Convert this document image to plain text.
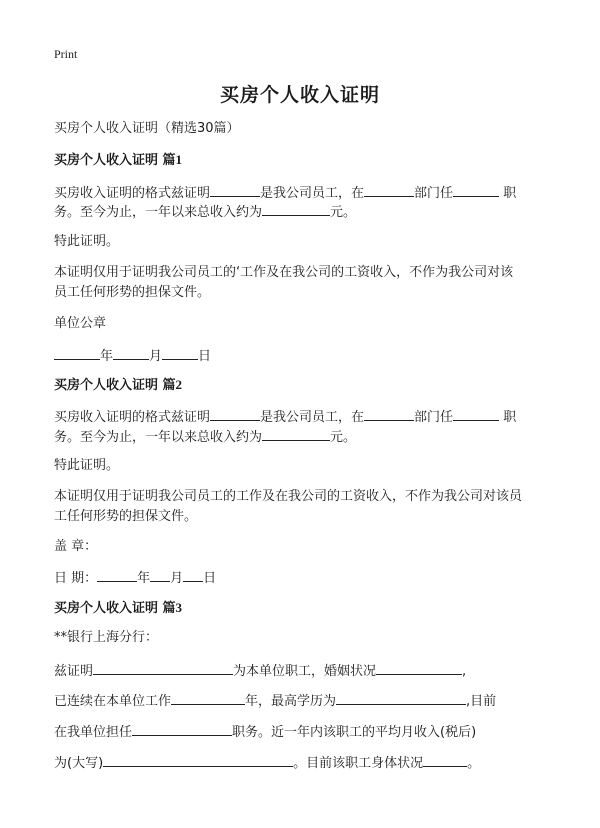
Print
买房个人收入证明
买房个人收入证明（精选30篇）
买房个人收入证明 篇1
买房收入证明的格式兹证明	是我公司员工，在	部门任	职
务。至今为止，一年以来总收入约为	元。
特此证明。
本证明仅用于证明我公司员工的‘工作及在我公司的工资收入，不作为我公司对该
员工任何形势的担保文件。
单位公章
年	月	日
买房个人收入证明 篇2
买房收入证明的格式兹证明	是我公司员工，在	部门任	职
务。至今为止，一年以来总收入约为	元。
特此证明。
本证明仅用于证明我公司员工的工作及在我公司的工资收入，不作为我公司对该员
工任何形势的担保文件。
盖 章：
日 期：	年 月 日
买房个人收入证明 篇3
**银行上海分行：
兹证明	为本单位职工，婚姻状况	,
已连续在本单位工作	年，最高学历为	,目前
在我单位担任	职务。近一年内该职工的平均月收入(税后)
为(大写)	。目前该职工身体状况	。
